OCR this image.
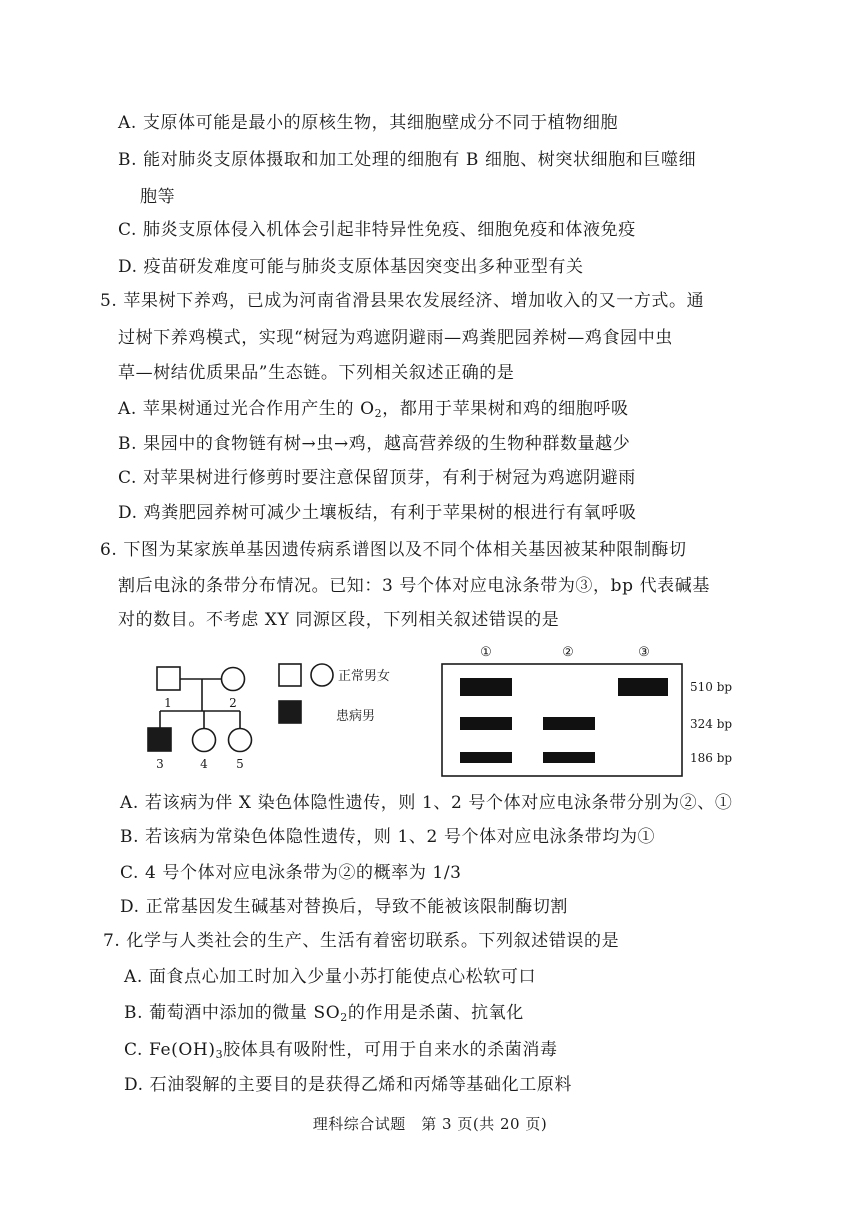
A. 支原体可能是最小的原核生物，其细胞壁成分不同于植物细胞
B. 能对肺炎支原体摄取和加工处理的细胞有 B 细胞、树突状细胞和巨噬细
胞等
C. 肺炎支原体侵入机体会引起非特异性免疫、细胞免疫和体液免疫
D. 疫苗研发难度可能与肺炎支原体基因突变出多种亚型有关
5. 苹果树下养鸡，已成为河南省滑县果农发展经济、增加收入的又一方式。通
过树下养鸡模式，实现“树冠为鸡遮阴避雨—鸡粪肥园养树—鸡食园中虫
草—树结优质果品”生态链。下列相关叙述正确的是
A. 苹果树通过光合作用产生的 $O_2$，都用于苹果树和鸡的细胞呼吸
B. 果园中的食物链有树→虫→鸡，越高营养级的生物种群数量越少
C. 对苹果树进行修剪时要注意保留顶芽，有利于树冠为鸡遮阴避雨
D. 鸡粪肥园养树可减少土壤板结，有利于苹果树的根进行有氧呼吸
6. 下图为某家族单基因遗传病系谱图以及不同个体相关基因被某种限制酶切
割后电泳的条带分布情况。已知：3 号个体对应电泳条带为③，bp 代表碱基
对的数目。不考虑 XY 同源区段，下列相关叙述错误的是
1	2
3	4 5
正常男女
患病男
①	②	③
510 bp
324 bp
186 bp
A. 若该病为伴 X 染色体隐性遗传，则 1、2 号个体对应电泳条带分别为②、①
B. 若该病为常染色体隐性遗传，则 1、2 号个体对应电泳条带均为①
C. 4 号个体对应电泳条带为②的概率为 1/3
D. 正常基因发生碱基对替换后，导致不能被该限制酶切割
7. 化学与人类社会的生产、生活有着密切联系。下列叙述错误的是
A. 面食点心加工时加入少量小苏打能使点心松软可口
B. 葡萄酒中添加的微量 $SO_2$的作用是杀菌、抗氧化
C. $Fe(OH)_3$胶体具有吸附性，可用于自来水的杀菌消毒
D. 石油裂解的主要目的是获得乙烯和丙烯等基础化工原料
理科综合试题　第 3 页(共 20 页)
